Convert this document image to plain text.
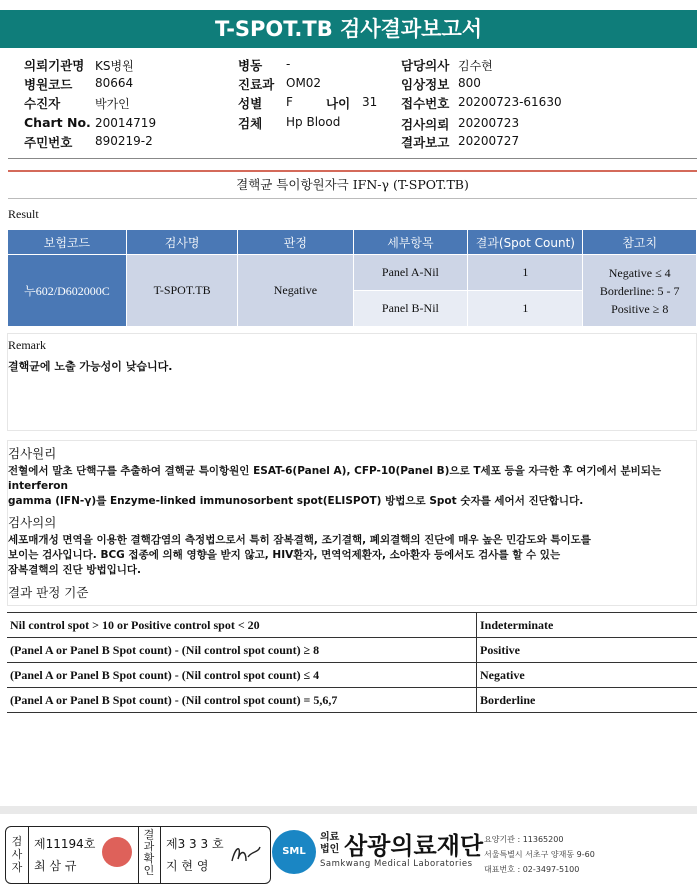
T-SPOT.TB 검사결과보고서
의뢰기관명 KS병원
병원코드 80664
수진자	박가인
Chart No. 20014719
주민번호 890219-2
병동 -
진료과 OM02
성별 F	나이 31
검체 Hp Blood
담당의사 김수현
임상정보 800
접수번호 20200723-61630
검사의뢰 20200723
결과보고 20200727
결핵균 특이항원자극 IFN-γ (T-SPOT.TB)
Result
보험코드	검사명	판정	세부항목	결과(Spot Count)	참고치
누602/D602000C	T-SPOT.TB	Negative	Panel A-Nil	1	Negative ≤ 4
Borderline: 5 - 7
Positive ≥ 8

			Panel B-Nil	1	
Remark
결핵균에 노출 가능성이 낮습니다.
검사원리
전혈에서 말초 단핵구를 추출하여 결핵균 특이항원인 ESAT-6(Panel A), CFP-10(Panel B)으로 T세포 등을 자극한 후 여기에서 분비되는 interferon
gamma (IFN-γ)를 Enzyme-linked immunosorbent spot(ELISPOT) 방법으로 Spot 숫자를 세어서 진단합니다.
검사의의
세포매개성 면역을 이용한 결핵감염의 측정법으로서 특히 잠복결핵, 조기결핵, 폐외결핵의 진단에 매우 높은 민감도와 특이도를
보이는 검사입니다. BCG 접종에 의해 영향을 받지 않고, HIV환자, 면역억제환자, 소아환자 등에서도 검사를 할 수 있는
잠복결핵의 진단 방법입니다.
결과 판정 기준
Nil control spot > 10 or Positive control spot < 20	Indeterminate
(Panel A or Panel B Spot count) - (Nil control spot count) ≥ 8	Positive
(Panel A or Panel B Spot count) - (Nil control spot count) ≤ 4	Negative
(Panel A or Panel B Spot count) - (Nil control spot count) = 5,6,7	Borderline
검
사
자
제11194호
최 삼 규
결
과
확
인
제3 3 3 호
지 현 영
SML
의료
법인 삼광의료재단
Samkwang Medical Laboratories
요양기관 : 11365200
서울특별시 서초구 양재동 9-60
대표번호 : 02-3497-5100
